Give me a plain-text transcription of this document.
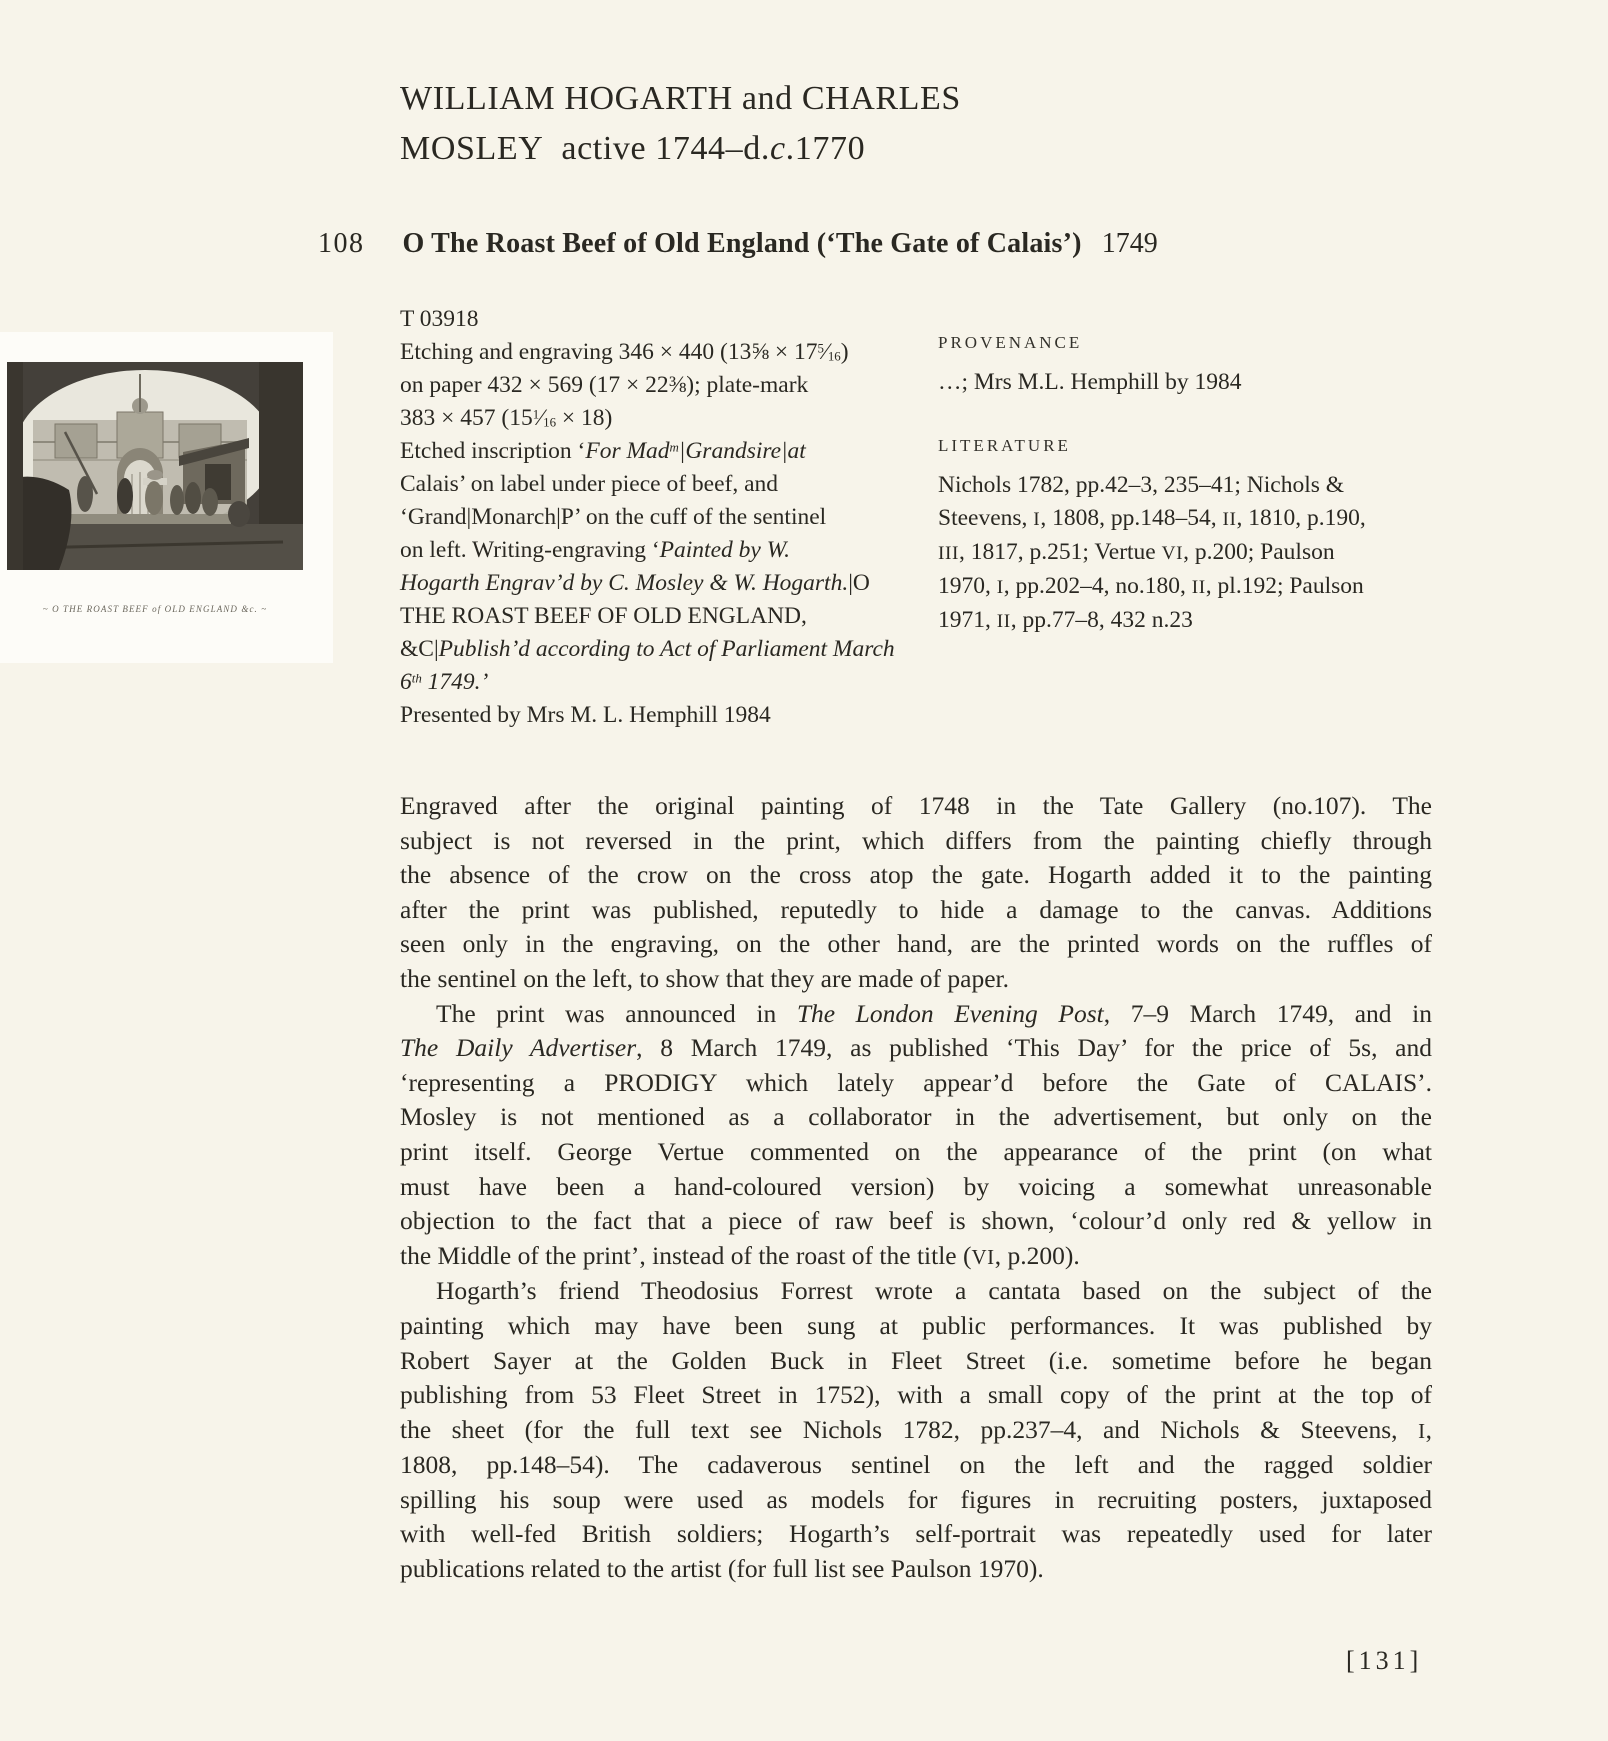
WILLIAM HOGARTH and CHARLES
MOSLEY active 1744–d.c.1770
108 O The Roast Beef of Old England (‘The Gate of Calais’) 1749
~ O THE ROAST BEEF of OLD ENGLAND &c. ~
T 03918
Etching and engraving 346 × 440 (13⅝ × $17^5⁄_{16}$)
on paper 432 × 569 (17 × 22⅜); plate-mark
383 × 457 $(15^1⁄_{16} \times 18)$
Etched inscription ‘For Mad$^m$|Grandsire|at
Calais’ on label under piece of beef, and
‘Grand|Monarch|P’ on the cuff of the sentinel
on left. Writing-engraving ‘Painted by W.
Hogarth Engrav’d by C. Mosley & W. Hogarth.|O
THE ROAST BEEF OF OLD ENGLAND,
&C|Publish’d according to Act of Parliament March
6th 1749.’
Presented by Mrs M. L. Hemphill 1984
PROVENANCE
…; Mrs M.L. Hemphill by 1984
LITERATURE
Nichols 1782, pp.42–3, 235–41; Nichols &
Steevens, I, 1808, pp.148–54, II, 1810, p.190,
III, 1817, p.251; Vertue VI, p.200; Paulson
1970, I, pp.202–4, no.180, II, pl.192; Paulson
1971, II, pp.77–8, 432 n.23
Engraved after the original painting of 1748 in the Tate Gallery (no.107). The
subject is not reversed in the print, which differs from the painting chiefly through
the absence of the crow on the cross atop the gate. Hogarth added it to the painting
after the print was published, reputedly to hide a damage to the canvas. Additions
seen only in the engraving, on the other hand, are the printed words on the ruffles of
the sentinel on the left, to show that they are made of paper.
The print was announced in The London Evening Post, 7–9 March 1749, and in
The Daily Advertiser, 8 March 1749, as published ‘This Day’ for the price of 5s, and
‘representing a PRODIGY which lately appear’d before the Gate of CALAIS’.
Mosley is not mentioned as a collaborator in the advertisement, but only on the
print itself. George Vertue commented on the appearance of the print (on what
must have been a hand-coloured version) by voicing a somewhat unreasonable
objection to the fact that a piece of raw beef is shown, ‘colour’d only red & yellow in
the Middle of the print’, instead of the roast of the title (VI, p.200).
Hogarth’s friend Theodosius Forrest wrote a cantata based on the subject of the
painting which may have been sung at public performances. It was published by
Robert Sayer at the Golden Buck in Fleet Street (i.e. sometime before he began
publishing from 53 Fleet Street in 1752), with a small copy of the print at the top of
the sheet (for the full text see Nichols 1782, pp.237–4, and Nichols & Steevens, I,
1808, pp.148–54). The cadaverous sentinel on the left and the ragged soldier
spilling his soup were used as models for figures in recruiting posters, juxtaposed
with well-fed British soldiers; Hogarth’s self-portrait was repeatedly used for later
publications related to the artist (for full list see Paulson 1970).
[131]
